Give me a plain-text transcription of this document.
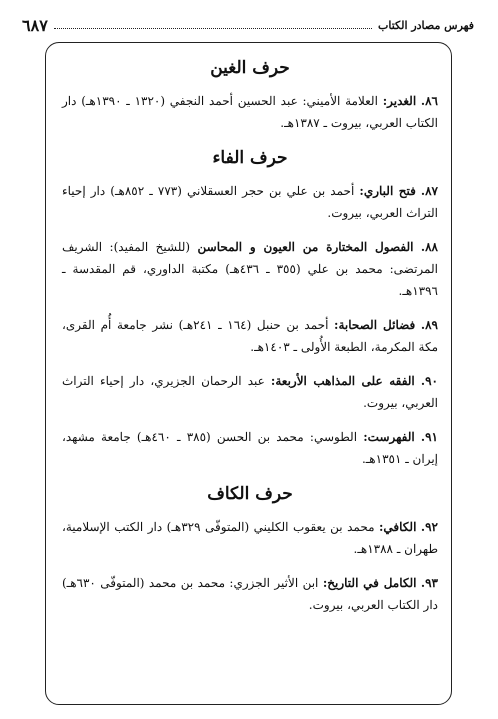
فهرس مصادر الكتاب
٦٨٧
حرف الغين

٨٦. الغدير: العلامة الأميني: عبد الحسين أحمد النجفي (١٣٢٠ ـ ١٣٩٠هـ) دار الكتاب العربي، بيروت ـ ١٣٨٧هـ.

حرف الفاء

٨٧. فتح الباري: أحمد بن علي بن حجر العسقلاني (٧٧٣ ـ ٨٥٢هـ) دار إحياء التراث العربي، بيروت.

٨٨. الفصول المختارة من العيون و المحاسن (للشيخ المفيد): الشريف المرتضى: محمد بن علي (٣٥٥ ـ ٤٣٦هـ) مكتبة الداوري، قم المقدسة ـ ١٣٩٦هـ.

٨٩. فضائل الصحابة: أحمد بن حنبل (١٦٤ ـ ٢٤١هـ) نشر جامعة أُم القرى، مكة المكرمة، الطبعة الأُولى ـ ١٤٠٣هـ.

٩٠. الفقه على المذاهب الأربعة: عبد الرحمان الجزيري، دار إحياء التراث العربي، بيروت.

٩١. الفهرست: الطوسي: محمد بن الحسن (٣٨٥ ـ ٤٦٠هـ) جامعة مشهد، إيران ـ ١٣٥١هـ.

حرف الكاف

٩٢. الكافي: محمد بن يعقوب الكليني (المتوفّى ٣٢٩هـ) دار الكتب الإسلامية، طهران ـ ١٣٨٨هـ.

٩٣. الكامل في التاريخ: ابن الأثير الجزري: محمد بن محمد (المتوفّى ٦٣٠هـ) دار الكتاب العربي، بيروت.
